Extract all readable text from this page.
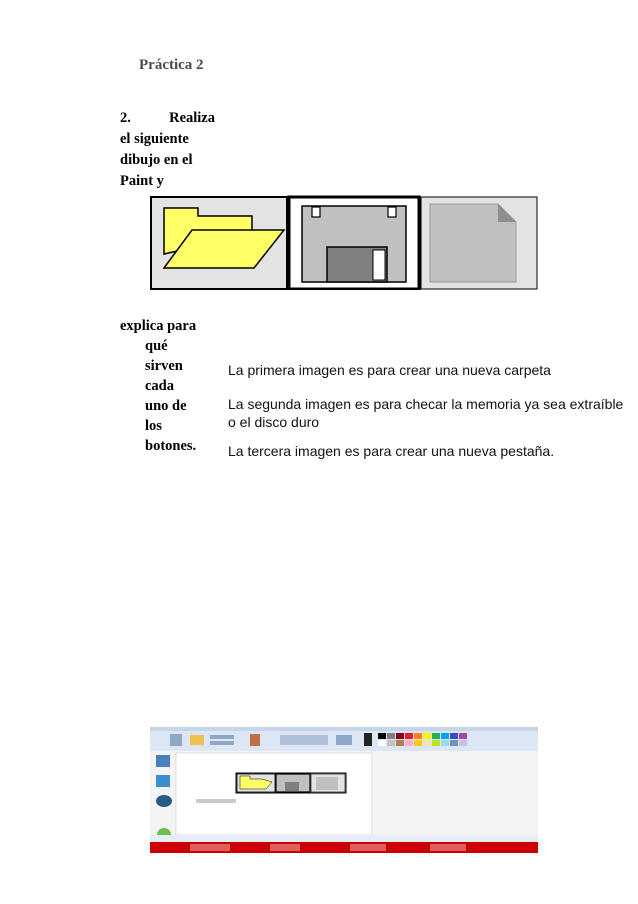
Práctica 2
2.	Realiza
el siguiente
dibujo en el
Paint y
explica para
qué
sirven
cada
uno de
los
botones.
La primera imagen es para crear una nueva carpeta
La segunda imagen es para checar la memoria ya sea extraíble o el disco duro
La tercera imagen es para crear una nueva pestaña.
